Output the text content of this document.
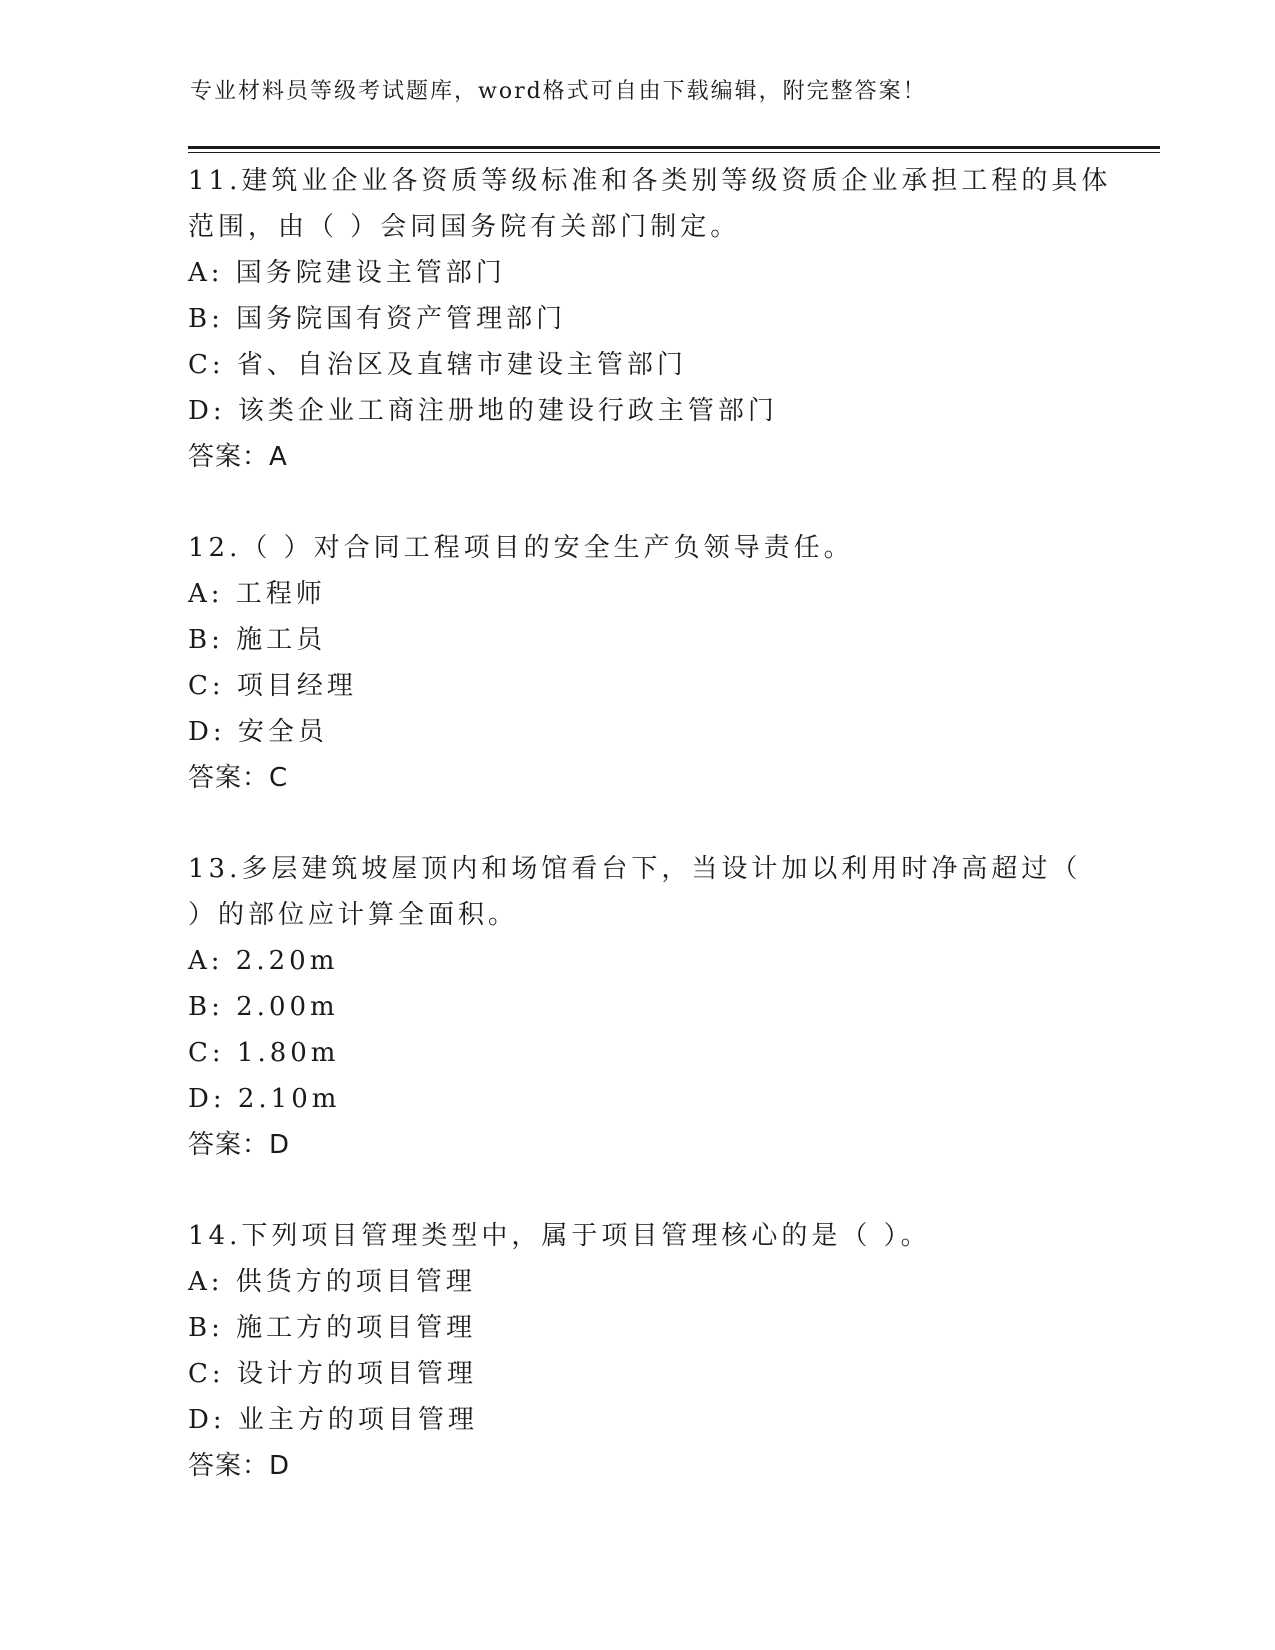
专业材料员等级考试题库，word格式可自由下载编辑，附完整答案！
11.建筑业企业各资质等级标准和各类别等级资质企业承担工程的具体
范围，由（ ）会同国务院有关部门制定。
A: 国务院建设主管部门
B: 国务院国有资产管理部门
C: 省、自治区及直辖市建设主管部门
D: 该类企业工商注册地的建设行政主管部门
答案：A
12.（ ）对合同工程项目的安全生产负领导责任。
A: 工程师
B: 施工员
C: 项目经理
D: 安全员
答案：C
13.多层建筑坡屋顶内和场馆看台下，当设计加以利用时净高超过（
）的部位应计算全面积。
A: 2.20m
B: 2.00m
C: 1.80m
D: 2.10m
答案：D
14.下列项目管理类型中，属于项目管理核心的是（ ）。
A: 供货方的项目管理
B: 施工方的项目管理
C: 设计方的项目管理
D: 业主方的项目管理
答案：D
